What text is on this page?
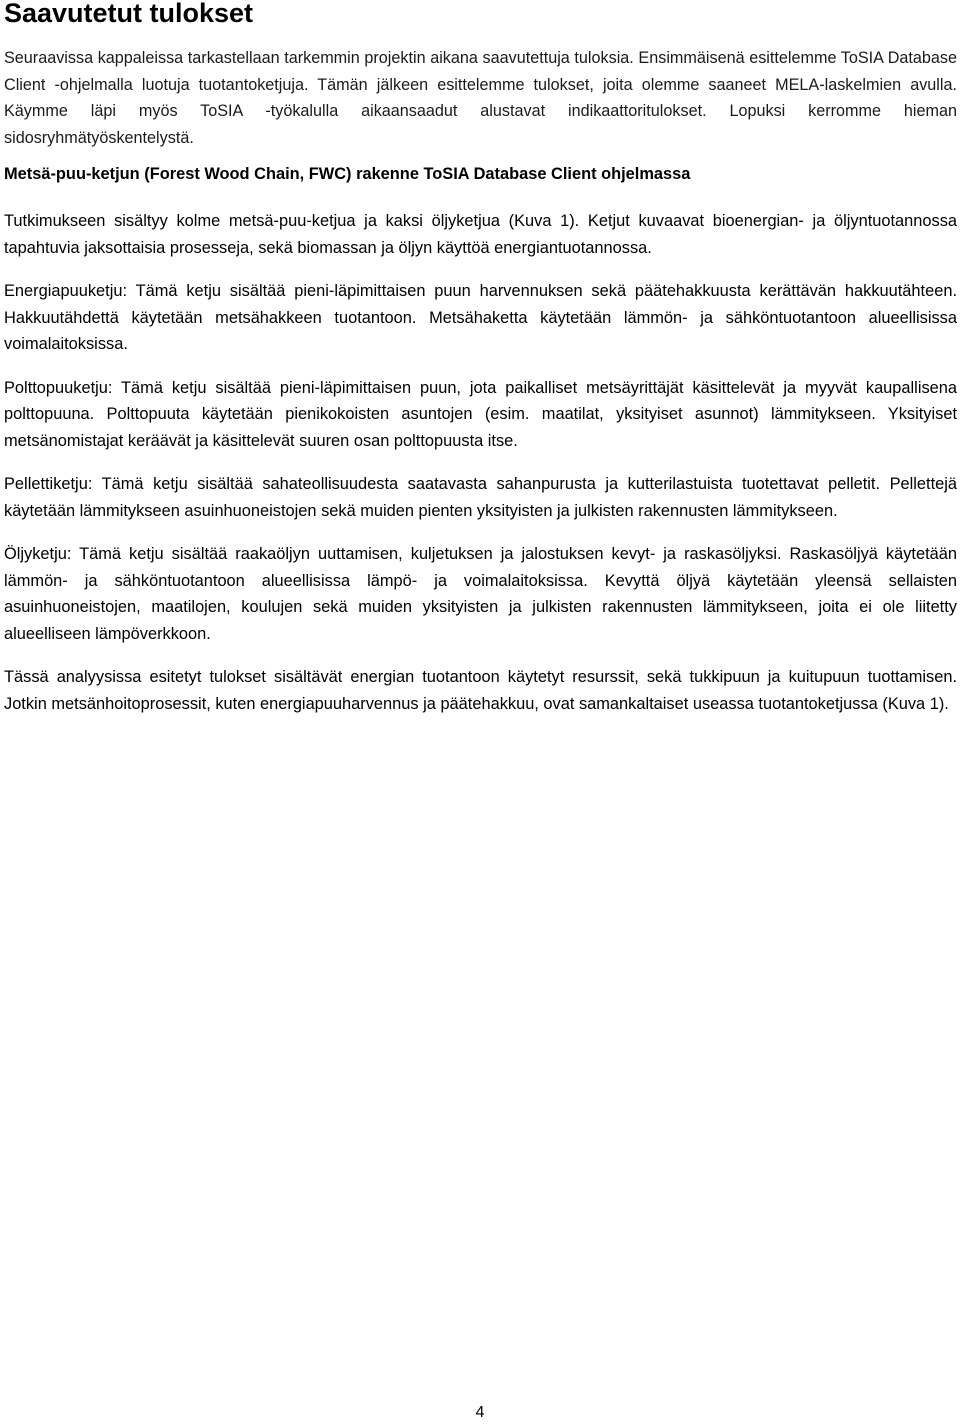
Saavutetut tulokset

Seuraavissa kappaleissa tarkastellaan tarkemmin projektin aikana saavutettuja tuloksia. Ensimmäisenä esittelemme ToSIA Database Client -ohjelmalla luotuja tuotantoketjuja. Tämän jälkeen esittelemme tulokset, joita olemme saaneet MELA-laskelmien avulla. Käymme läpi myös ToSIA -työkalulla aikaansaadut alustavat indikaattoritulokset. Lopuksi kerromme hieman sidosryhmätyöskentelystä.

Metsä-puu-ketjun (Forest Wood Chain, FWC) rakenne ToSIA Database Client ohjelmassa

Tutkimukseen sisältyy kolme metsä-puu-ketjua ja kaksi öljyketjua (Kuva 1). Ketjut kuvaavat bioenergian- ja öljyntuotannossa tapahtuvia jaksottaisia prosesseja, sekä biomassan ja öljyn käyttöä energiantuotannossa.

Energiapuuketju: Tämä ketju sisältää pieni-läpimittaisen puun harvennuksen sekä päätehakkuusta kerättävän hakkuutähteen. Hakkuutähdettä käytetään metsähakkeen tuotantoon. Metsähaketta käytetään lämmön- ja sähköntuotantoon alueellisissa voimalaitoksissa.

Polttopuuketju: Tämä ketju sisältää pieni-läpimittaisen puun, jota paikalliset metsäyrittäjät käsittelevät ja myyvät kaupallisena polttopuuna. Polttopuuta käytetään pienikokoisten asuntojen (esim. maatilat, yksityiset asunnot) lämmitykseen. Yksityiset metsänomistajat keräävät ja käsittelevät suuren osan polttopuusta itse.

Pellettiketju: Tämä ketju sisältää sahateollisuudesta saatavasta sahanpurusta ja kutterilastuista tuotettavat pelletit. Pellettejä käytetään lämmitykseen asuinhuoneistojen sekä muiden pienten yksityisten ja julkisten rakennusten lämmitykseen.

Öljyketju: Tämä ketju sisältää raakaöljyn uuttamisen, kuljetuksen ja jalostuksen kevyt- ja raskasöljyksi. Raskasöljyä käytetään lämmön- ja sähköntuotantoon alueellisissa lämpö- ja voimalaitoksissa. Kevyttä öljyä käytetään yleensä sellaisten asuinhuoneistojen, maatilojen, koulujen sekä muiden yksityisten ja julkisten rakennusten lämmitykseen, joita ei ole liitetty alueelliseen lämpöverkkoon.

Tässä analyysissa esitetyt tulokset sisältävät energian tuotantoon käytetyt resurssit, sekä tukkipuun ja kuitupuun tuottamisen. Jotkin metsänhoitoprosessit, kuten energiapuuharvennus ja päätehakkuu, ovat samankaltaiset useassa tuotantoketjussa (Kuva 1).

4
